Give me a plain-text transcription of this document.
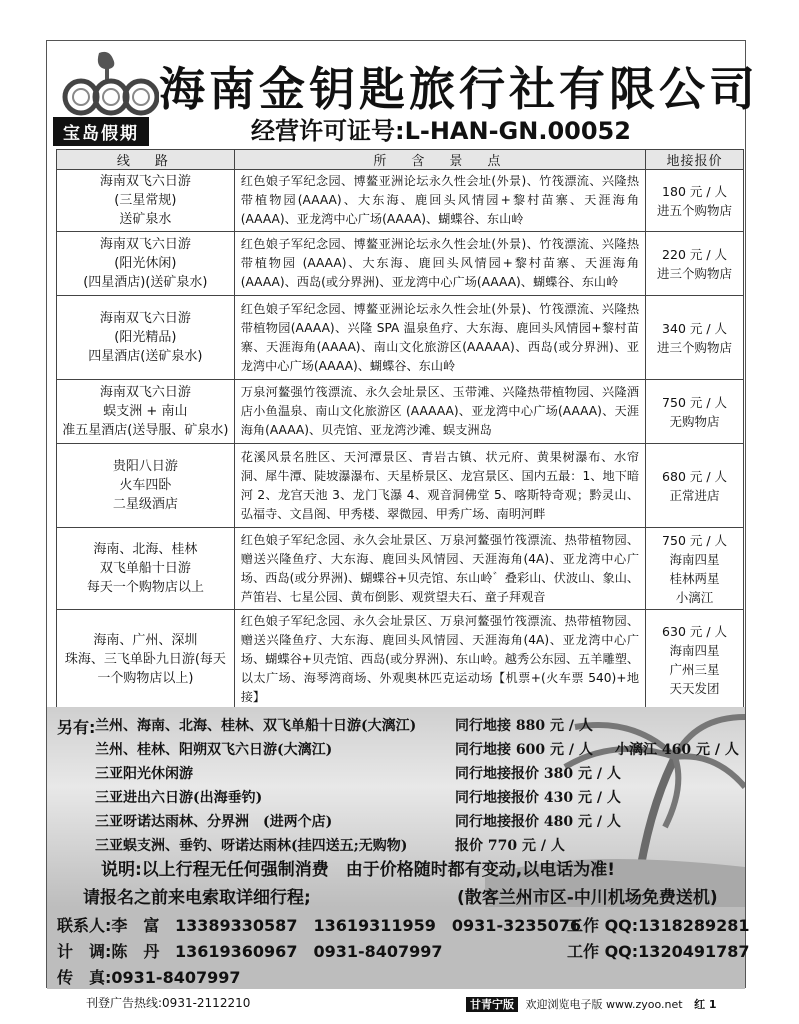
海南金钥匙旅行社有限公司
宝岛假期	经营许可证号:L-HAN-GN.00052
线　路	所　含　景　点	地接报价

海南双飞六日游
(三星常规)
送矿泉水	红色娘子军纪念园、博鳌亚洲论坛永久性会址(外景)、竹筏漂流、兴隆热带植物园(AAAA)、大东海、鹿回头风情园+黎村苗寨、天涯海角(AAAA)、亚龙湾中心广场(AAAA)、蝴蝶谷、东山岭	180 元 / 人
进五个购物店

海南双飞六日游
(阳光休闲)
(四星酒店)(送矿泉水)	红色娘子军纪念园、博鳌亚洲论坛永久性会址(外景)、竹筏漂流、兴隆热带植物园 (AAAA)、大东海、鹿回头风情园+黎村苗寨、天涯海角(AAAA)、西岛(或分界洲)、亚龙湾中心广场(AAAA)、蝴蝶谷、东山岭	220 元 / 人
进三个购物店

海南双飞六日游
(阳光精品)
四星酒店(送矿泉水)	红色娘子军纪念园、博鳌亚洲论坛永久性会址(外景)、竹筏漂流、兴隆热带植物园(AAAA)、兴隆 SPA 温泉鱼疗、大东海、鹿回头风情园+黎村苗寨、天涯海角(AAAA)、南山文化旅游区(AAAAA)、西岛(或分界洲)、亚龙湾中心广场(AAAA)、蝴蝶谷、东山岭	340 元 / 人
进三个购物店

海南双飞六日游
蜈支洲 + 南山
准五星酒店(送导服、矿泉水)	万泉河鳌强竹筏漂流、永久会址景区、玉带滩、兴隆热带植物园、兴隆酒店小鱼温泉、南山文化旅游区 (AAAAA)、亚龙湾中心广场(AAAA)、天涯海角(AAAA)、贝壳馆、亚龙湾沙滩、蜈支洲岛	750 元 / 人
无购物店

贵阳八日游
火车四卧
二星级酒店	花溪风景名胜区、天河潭景区、青岩古镇、状元府、黄果树瀑布、水帘洞、犀牛潭、陡坡瀑瀑布、天星桥景区、龙宫景区、国内五最：1、地下暗河 2、龙宫天池 3、龙门飞瀑 4、观音洞佛堂 5、喀斯特奇观；黔灵山、弘福寺、文昌阁、甲秀楼、翠微园、甲秀广场、南明河畔	680 元 / 人
正常进店

海南、北海、桂林
双飞单船十日游
每天一个购物店以上	红色娘子军纪念园、永久会址景区、万泉河鳌强竹筏漂流、热带植物园、赠送兴隆鱼疗、大东海、鹿回头风情园、天涯海角(4A)、亚龙湾中心广场、西岛(或分界洲)、蝴蝶谷+贝壳馆、东山岭゛叠彩山、伏波山、象山、芦笛岩、七星公园、黄布倒影、观赏望夫石、童子拜观音	750 元 / 人
海南四星
桂林两星
小漓江

海南、广州、深圳
珠海、三飞单卧九日游(每天
一个购物店以上)	红色娘子军纪念园、永久会址景区、万泉河鳌强竹筏漂流、热带植物园、赠送兴隆鱼疗、大东海、鹿回头风情园、天涯海角(4A)、亚龙湾中心广场、蝴蝶谷+贝壳馆、西岛(或分界洲)、东山岭。越秀公东园、五羊雕塑、以太广场、海琴湾商场、外观奥林匹克运动场【机票+(火车票 540)+地接】	630 元 / 人
海南四星
广州三星
天天发团
另有: 兰州、海南、北海、桂林、双飞单船十日游(大漓江)	同行地接 880 元 / 人
兰州、桂林、阳朔双飞六日游(大漓江)	同行地接 600 元 / 人 小漓江 460 元 / 人
三亚阳光休闲游	同行地接报价 380 元 / 人
三亚进出六日游(出海垂钓)	同行地接报价 430 元 / 人
三亚呀诺达雨林、分界洲　(进两个店)	同行地接报价 480 元 / 人
三亚蜈支洲、垂钓、呀诺达雨林(挂四送五;无购物)	报价 770 元 / 人
说明:以上行程无任何强制消费　由于价格随时都有变动,以电话为准!
请报名之前来电索取详细行程;	(散客兰州市区-中川机场免费送机)
联系人:李　富 13389330587　13619311959　0931-3235076
工作 QQ:1318289281
计　调:陈　丹 13619360967　0931-8407997	工作 QQ:1320491787
传　真:0931-8407997
刊登广告热线:0931-2112210	甘青宁版 欢迎浏览电子版 www.zyoo.net 红 1
